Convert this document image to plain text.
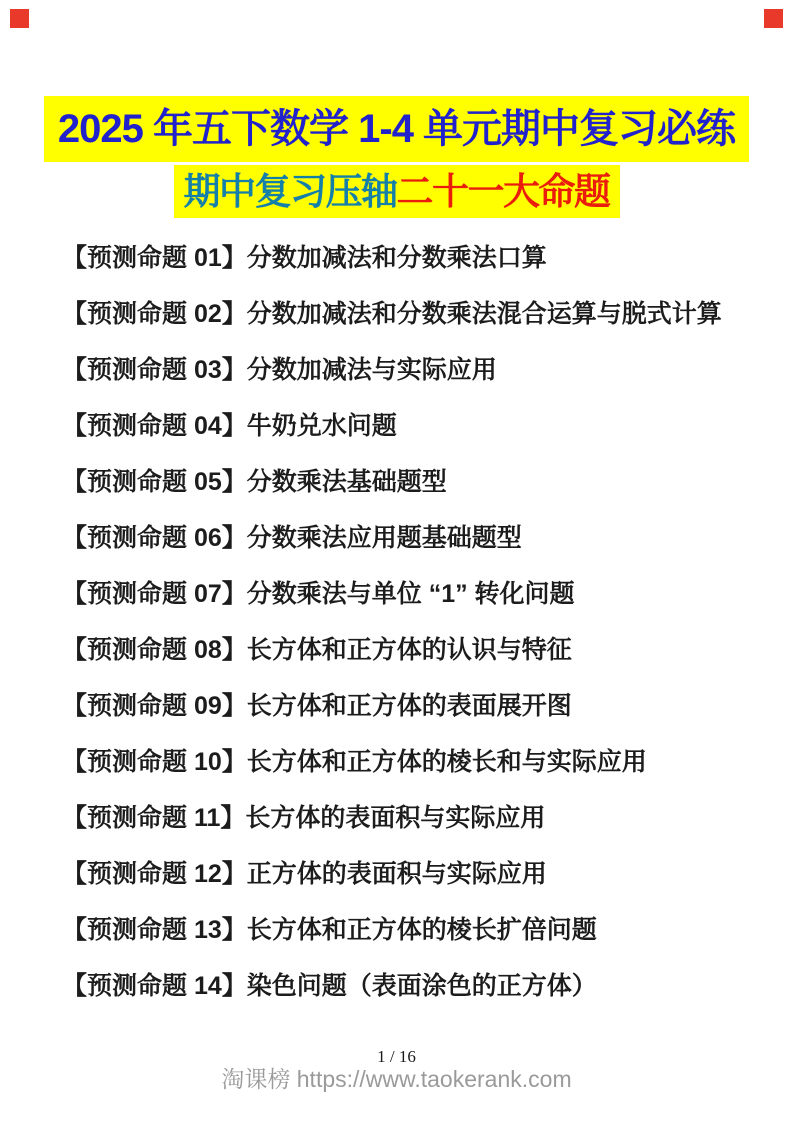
2025 年五下数学 1-4 单元期中复习必练
期中复习压轴二十一大命题
【预测命题 01】 分数加减法和分数乘法口算
【预测命题 02】 分数加减法和分数乘法混合运算与脱式计算
【预测命题 03】 分数加减法与实际应用
【预测命题 04】 牛奶兑水问题
【预测命题 05】 分数乘法基础题型
【预测命题 06】 分数乘法应用题基础题型
【预测命题 07】 分数乘法与单位 “1” 转化问题
【预测命题 08】 长方体和正方体的认识与特征
【预测命题 09】 长方体和正方体的表面展开图
【预测命题 10】 长方体和正方体的棱长和与实际应用
【预测命题 11】 长方体的表面积与实际应用
【预测命题 12】 正方体的表面积与实际应用
【预测命题 13】 长方体和正方体的棱长扩倍问题
【预测命题 14】 染色问题（表面涂色的正方体）
1 / 16
淘课榜 https://www.taokerank.com
